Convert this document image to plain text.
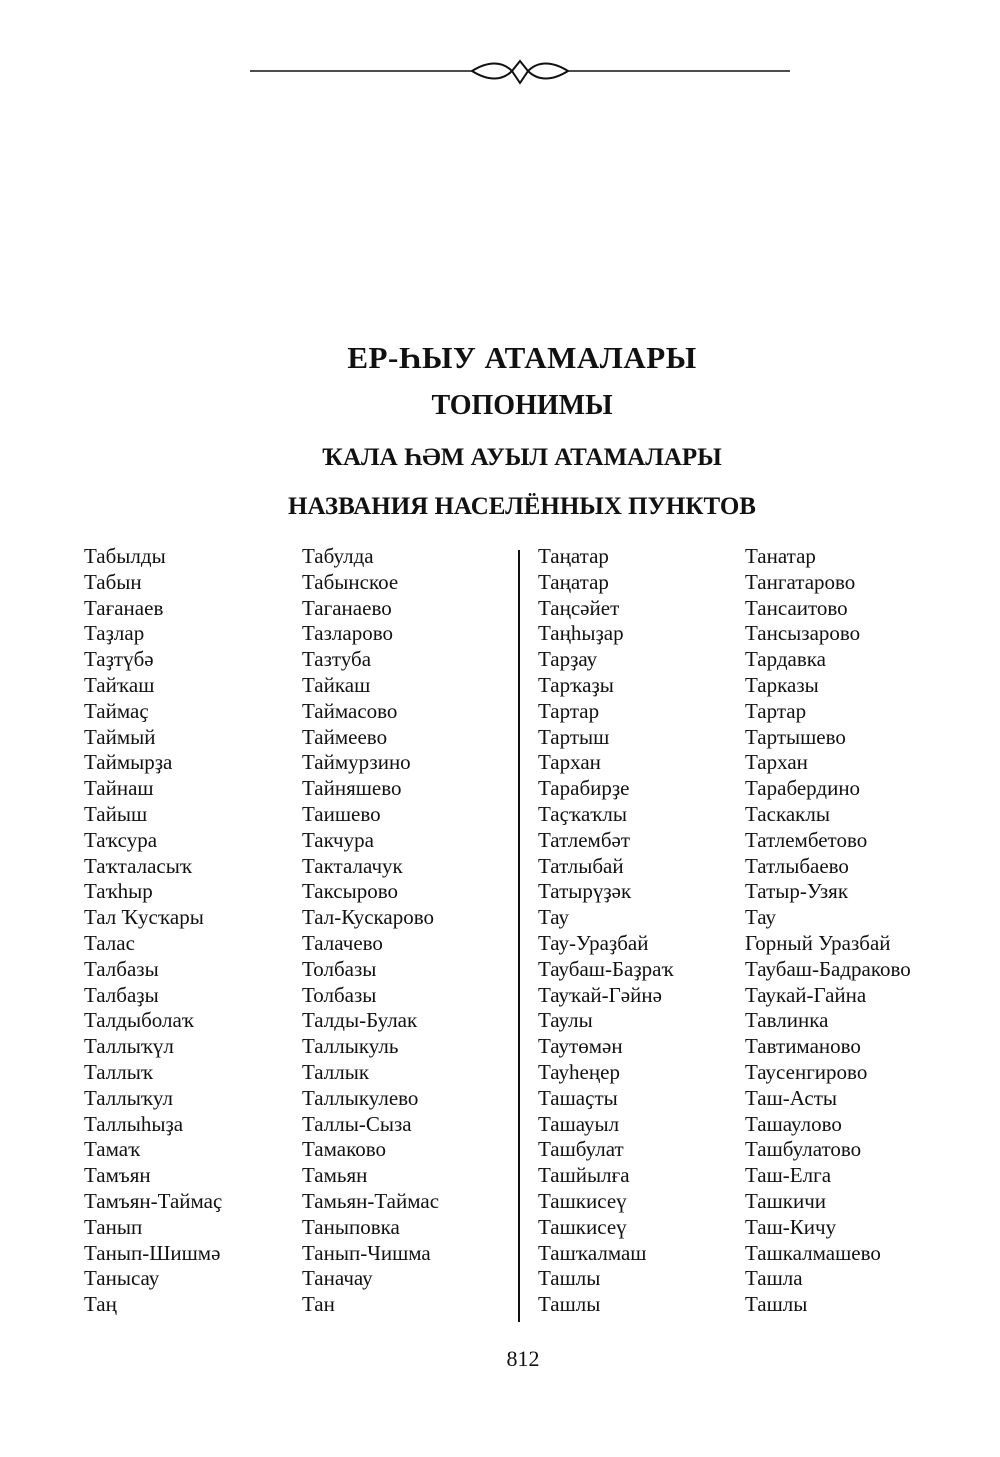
ЕР-ҺЫУ АТАМАЛАРЫ
ТОПОНИМЫ
ҠАЛА ҺӘМ АУЫЛ АТАМАЛАРЫ
НАЗВАНИЯ НАСЕЛЁННЫХ ПУНКТОВ
Табылды
Табын
Тағанаев
Таҙлар
Таҙтүбә
Тайҡаш
Таймаҫ
Таймый
Таймырҙа
Тайнаш
Тайыш
Таҡсура
Таҡталасыҡ
Таҡһыр
Тал Ҡусҡары
Талас
Талбазы
Талбаҙы
Талдыболаҡ
Таллыҡүл
Таллыҡ
Таллыҡул
Таллыһыҙа
Тамаҡ
Тамъян
Тамъян-Таймаҫ
Танып
Танып-Шишмә
Танысау
Таң
Табулда
Табынское
Таганаево
Тазларово
Тазтуба
Тайкаш
Таймасово
Таймеево
Таймурзино
Тайняшево
Таишево
Такчура
Такталачук
Таксырово
Тал-Кускарово
Талачево
Толбазы
Толбазы
Талды-Булак
Таллыкуль
Таллык
Таллыкулево
Таллы-Сыза
Тамаково
Тамьян
Тамьян-Таймас
Таныповка
Танып-Чишма
Таначау
Тан
Таңатар
Таңатар
Таңсәйет
Таңһыҙар
Тарҙау
Тарҡаҙы
Тартар
Тартыш
Тархан
Тарабирҙе
Таҫҡаҡлы
Татлембәт
Татлыбай
Татырүҙәк
Тау
Тау-Ураҙбай
Таубаш-Баҙраҡ
Тауҡай-Гәйнә
Таулы
Таутөмән
Тауһеңер
Ташаҫты
Ташауыл
Ташбулат
Ташйылға
Ташкисеү
Ташкисеү
Ташҡалмаш
Ташлы
Ташлы
Танатар
Тангатарово
Тансаитово
Тансызарово
Тардавка
Тарказы
Тартар
Тартышево
Тархан
Тарабердино
Таскаклы
Татлембетово
Татлыбаево
Татыр-Узяк
Тау
Горный Уразбай
Таубаш-Бадраково
Таукай-Гайна
Тавлинка
Тавтиманово
Таусенгирово
Таш-Асты
Ташаулово
Ташбулатово
Таш-Елга
Ташкичи
Таш-Кичу
Ташкалмашево
Ташла
Ташлы
812
